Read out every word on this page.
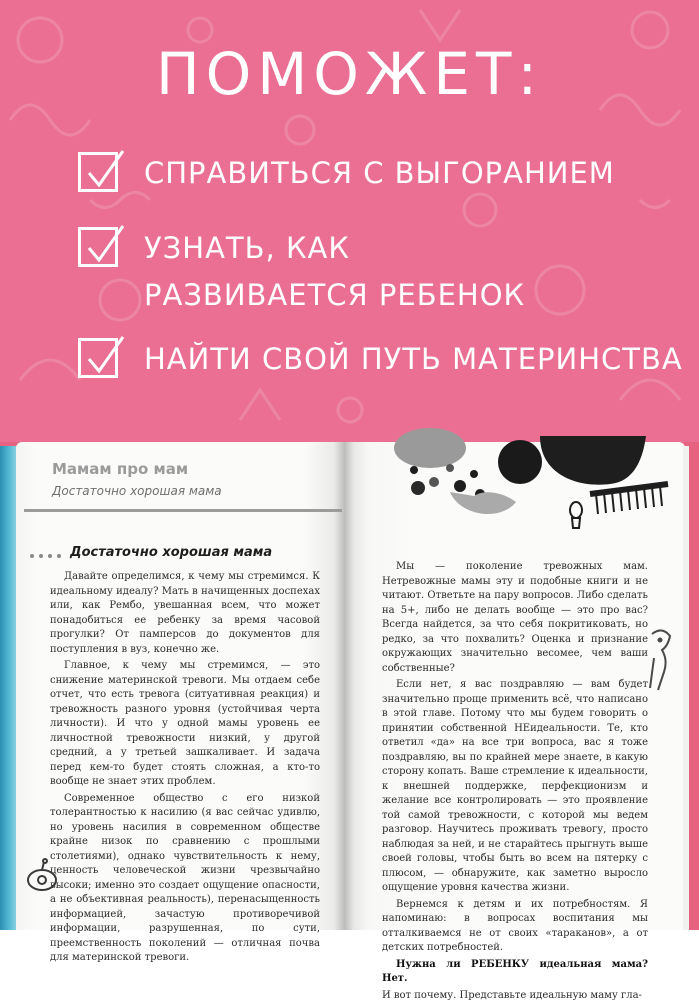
ПОМОЖЕТ:
СПРАВИТЬСЯ С ВЫГОРАНИЕМ
УЗНАТЬ, КАК РАЗВИВАЕТСЯ РЕБЕНОК
НАЙТИ СВОЙ ПУТЬ МАТЕРИНСТВА
Мамам про мам
Достаточно хорошая мама
Достаточно хорошая мама

Давайте определимся, к чему мы стремимся. К идеальному идеалу? Мать в начищенных доспехах или, как Рембо, увешанная всем, что может понадобиться ее ребенку за время часовой прогулки? От памперсов до документов для поступления в вуз, конечно же.

Главное, к чему мы стремимся, — это снижение материнской тревоги. Мы отдаем себе отчет, что есть тревога (ситуативная реакция) и тревожность разного уровня (устойчивая черта личности). И что у одной мамы уровень ее личностной тревожности низкий, у другой средний, а у третьей зашкаливает. И задача перед кем-то будет стоять сложная, а кто-то вообще не знает этих проблем.

Современное общество с его низкой толерантностью к насилию (я вас сейчас удивлю, но уровень насилия в современном обществе крайне низок по сравнению с прошлыми столетиями), однако чувствительность к нему, ценность человеческой жизни чрезвычайно высоки; именно это создает ощущение опасности, а не объективная реальность), перенасыщенность информацией, зачастую противоречивой информации, разрушенная, по сути, преемственность поколений — отличная почва для материнской тревоги.

Мы — поколение тревожных мам. Нетревожные мамы эту и подобные книги и не читают. Ответьте на пару вопросов. Либо сделать на 5+, либо не делать вообще — это про вас? Всегда найдется, за что себя покритиковать, но редко, за что похвалить? Оценка и признание окружающих значительно весомее, чем ваши собственные?

Если нет, я вас поздравляю — вам будет значительно проще применить всё, что написано в этой главе. Потому что мы будем говорить о принятии собственной НЕидеальности. Те, кто ответил «да» на все три вопроса, вас я тоже поздравляю, вы по крайней мере знаете, в какую сторону копать. Ваше стремление к идеальности, к внешней поддержке, перфекционизм и желание все контролировать — это проявление той самой тревожности, с которой мы ведем разговор. Научитесь проживать тревогу, просто наблюдая за ней, и не старайтесь прыгнуть выше своей головы, чтобы быть во всем на пятерку с плюсом, — обнаружите, как заметно выросло ощущение уровня качества жизни.

Вернемся к детям и их потребностям. Я напоминаю: в вопросах воспитания мы отталкиваемся не от своих «тараканов», а от детских потребностей.

Нужна ли РЕБЕНКУ идеальная мама? Нет.

И вот почему. Представьте идеальную маму гла-
